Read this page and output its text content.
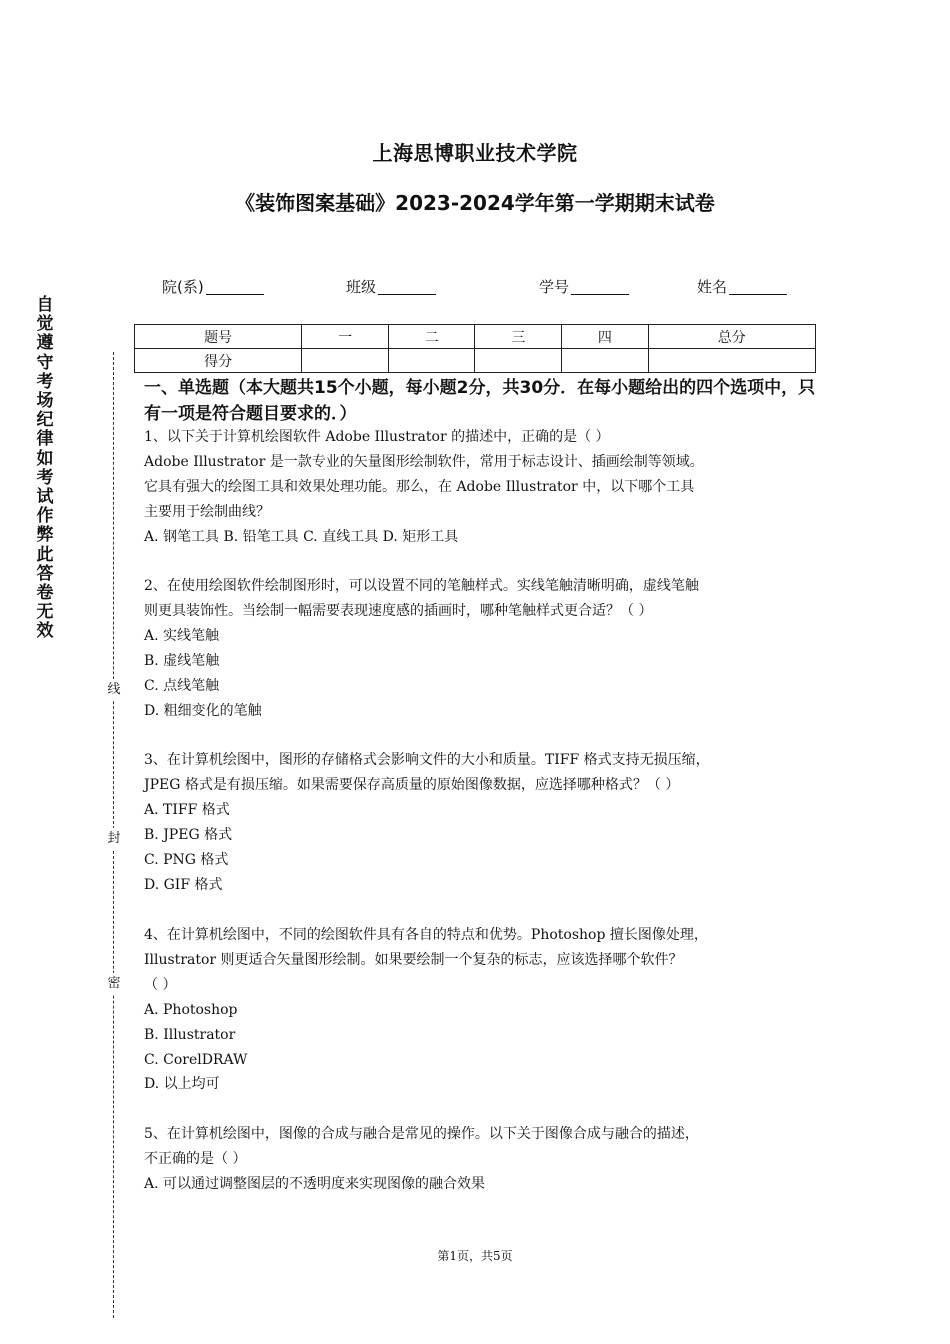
上海思博职业技术学院
《装饰图案基础》2023-2024学年第一学期期末试卷
院(系)	班级	学号	姓名
题号	一	二	三	四	总分
得分					
自觉遵守考场纪律如考试作弊此答卷无效
线
封
密
一、单选题（本大题共15个小题，每小题2分，共30分．在每小题给出的四个选项中，只有一项是符合题目要求的．）
1、以下关于计算机绘图软件 Adobe Illustrator 的描述中，正确的是（ ）
Adobe Illustrator 是一款专业的矢量图形绘制软件，常用于标志设计、插画绘制等领域。
它具有强大的绘图工具和效果处理功能。那么，在 Adobe Illustrator 中，以下哪个工具
主要用于绘制曲线？
A. 钢笔工具 B. 铅笔工具 C. 直线工具 D. 矩形工具
2、在使用绘图软件绘制图形时，可以设置不同的笔触样式。实线笔触清晰明确，虚线笔触
则更具装饰性。当绘制一幅需要表现速度感的插画时，哪种笔触样式更合适？（ ）
A. 实线笔触
B. 虚线笔触
C. 点线笔触
D. 粗细变化的笔触
3、在计算机绘图中，图形的存储格式会影响文件的大小和质量。TIFF 格式支持无损压缩，
JPEG 格式是有损压缩。如果需要保存高质量的原始图像数据，应选择哪种格式？（ ）
A. TIFF 格式
B. JPEG 格式
C. PNG 格式
D. GIF 格式
4、在计算机绘图中，不同的绘图软件具有各自的特点和优势。Photoshop 擅长图像处理，
Illustrator 则更适合矢量图形绘制。如果要绘制一个复杂的标志，应该选择哪个软件？
（ ）
A. Photoshop
B. Illustrator
C. CorelDRAW
D. 以上均可
5、在计算机绘图中，图像的合成与融合是常见的操作。以下关于图像合成与融合的描述，
不正确的是（ ）
A. 可以通过调整图层的不透明度来实现图像的融合效果
第1页，共5页
